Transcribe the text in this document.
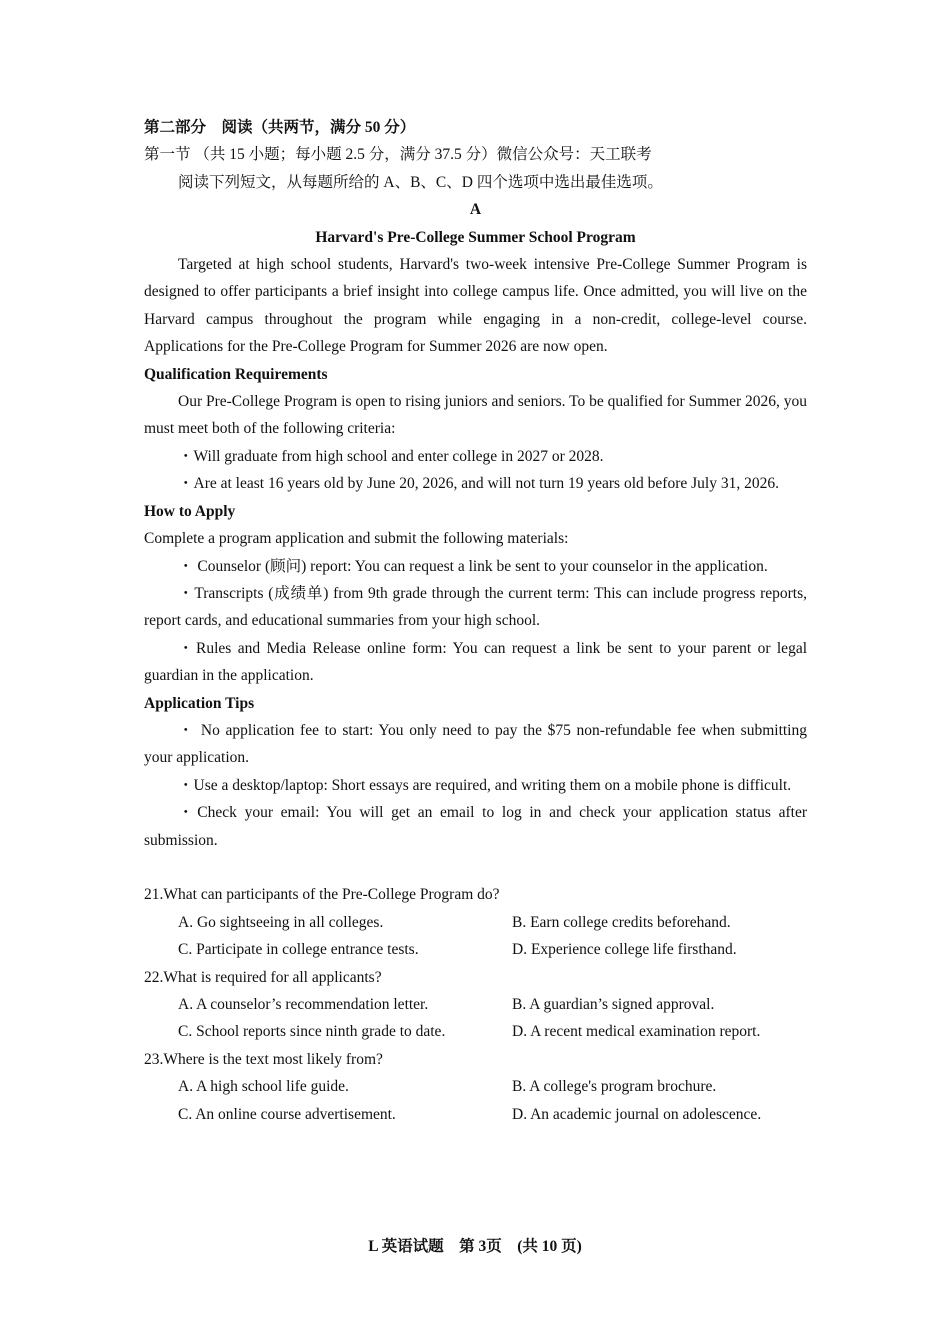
第二部分　阅读（共两节，满分 50 分）

第一节 （共 15 小题；每小题 2.5 分，满分 37.5 分）微信公众号：天工联考

阅读下列短文，从每题所给的 A、B、C、D 四个选项中选出最佳选项。

A

Harvard's Pre-College Summer School Program

Targeted at high school students, Harvard's two-week intensive Pre-College Summer Program is designed to offer participants a brief insight into college campus life. Once admitted, you will live on the Harvard campus throughout the program while engaging in a non-credit, college-level course. Applications for the Pre-College Program for Summer 2026 are now open.

Qualification Requirements

Our Pre-College Program is open to rising juniors and seniors. To be qualified for Summer 2026, you must meet both of the following criteria:

・Will graduate from high school and enter college in 2027 or 2028.

・Are at least 16 years old by June 20, 2026, and will not turn 19 years old before July 31, 2026.

How to Apply

Complete a program application and submit the following materials:

・ Counselor (顾问) report: You can request a link be sent to your counselor in the application.

・Transcripts (成绩单) from 9th grade through the current term: This can include progress reports, report cards, and educational summaries from your high school.

・Rules and Media Release online form: You can request a link be sent to your parent or legal guardian in the application.

Application Tips

・ No application fee to start: You only need to pay the $75 non-refundable fee when submitting your application.

・Use a desktop/laptop: Short essays are required, and writing them on a mobile phone is difficult.

・Check your email: You will get an email to log in and check your application status after submission.

21.What can participants of the Pre-College Program do?

A. Go sightseeing in all colleges.	B. Earn college credits beforehand.
C. Participate in college entrance tests.	D. Experience college life firsthand.

22.What is required for all applicants?

A. A counselor’s recommendation letter.	B. A guardian’s signed approval.
C. School reports since ninth grade to date.	D. A recent medical examination report.

23.Where is the text most likely from?

A. A high school life guide.	B. A college's program brochure.
C. An online course advertisement.	D. An academic journal on adolescence.
L 英语试题　第 3页　(共 10 页)
